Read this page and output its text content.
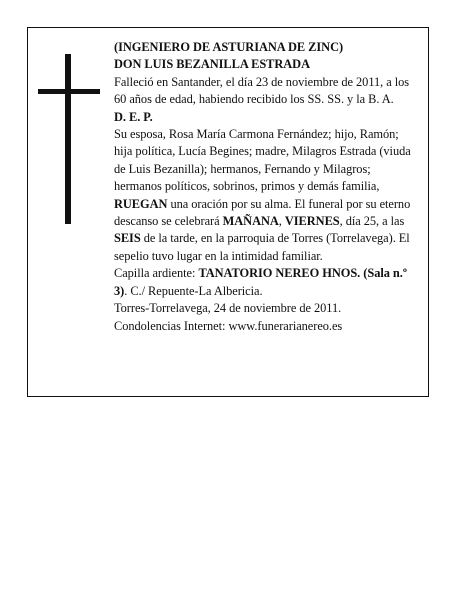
(INGENIERO DE ASTURIANA DE ZINC)

DON LUIS BEZANILLA ESTRADA

Falleció en Santander, el día 23 de noviembre de 2011, a los 60 años de edad, habiendo recibido los SS. SS. y la B. A.

D. E. P.

Su esposa, Rosa María Carmona Fernández; hijo, Ramón; hija política, Lucía Begines; madre, Milagros Estrada (viuda de Luis Bezanilla); hermanos, Fernando y Milagros; hermanos políticos, sobrinos, primos y demás familia,

RUEGAN una oración por su alma. El funeral por su eterno descanso se celebrará MAÑANA, VIERNES, día 25, a las SEIS de la tarde, en la parroquia de Torres (Torrelavega). El sepelio tuvo lugar en la intimidad familiar.

Capilla ardiente: TANATORIO NEREO HNOS. (Sala n.º 3). C./ Repuente-La Albericia.

Torres-Torrelavega, 24 de noviembre de 2011.

Condolencias Internet: www.funerarianereo.es
